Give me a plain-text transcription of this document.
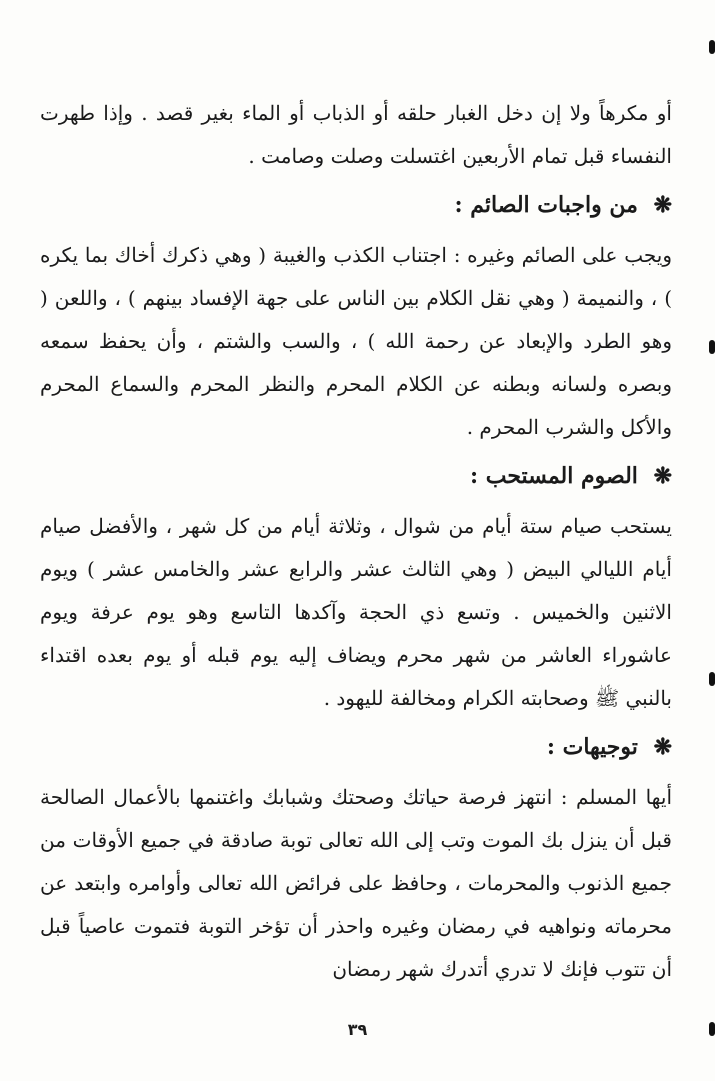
أو مكرهاً ولا إن دخل الغبار حلقه أو الذباب أو الماء بغير قصد . وإذا طهرت النفساء قبل تمام الأربعين اغتسلت وصلت وصامت .

❋ من واجبات الصائم :

ويجب على الصائم وغيره : اجتناب الكذب والغيبة ( وهي ذكرك أخاك بما يكره ) ، والنميمة ( وهي نقل الكلام بين الناس على جهة الإفساد بينهم ) ، واللعن ( وهو الطرد والإبعاد عن رحمة الله ) ، والسب والشتم ، وأن يحفظ سمعه وبصره ولسانه وبطنه عن الكلام المحرم والنظر المحرم والسماع المحرم والأكل والشرب المحرم .

❋ الصوم المستحب :

يستحب صيام ستة أيام من شوال ، وثلاثة أيام من كل شهر ، والأفضل صيام أيام الليالي البيض ( وهي الثالث عشر والرابع عشر والخامس عشر ) ويوم الاثنين والخميس . وتسع ذي الحجة وآكدها التاسع وهو يوم عرفة ويوم عاشوراء العاشر من شهر محرم ويضاف إليه يوم قبله أو يوم بعده اقتداء بالنبي ﷺ وصحابته الكرام ومخالفة لليهود .

❋ توجيهات :

أيها المسلم : انتهز فرصة حياتك وصحتك وشبابك واغتنمها بالأعمال الصالحة قبل أن ينزل بك الموت وتب إلى الله تعالى توبة صادقة في جميع الأوقات من جميع الذنوب والمحرمات ، وحافظ على فرائض الله تعالى وأوامره وابتعد عن محرماته ونواهيه في رمضان وغيره واحذر أن تؤخر التوبة فتموت عاصياً قبل أن تتوب فإنك لا تدري أتدرك شهر رمضان

٣٩
